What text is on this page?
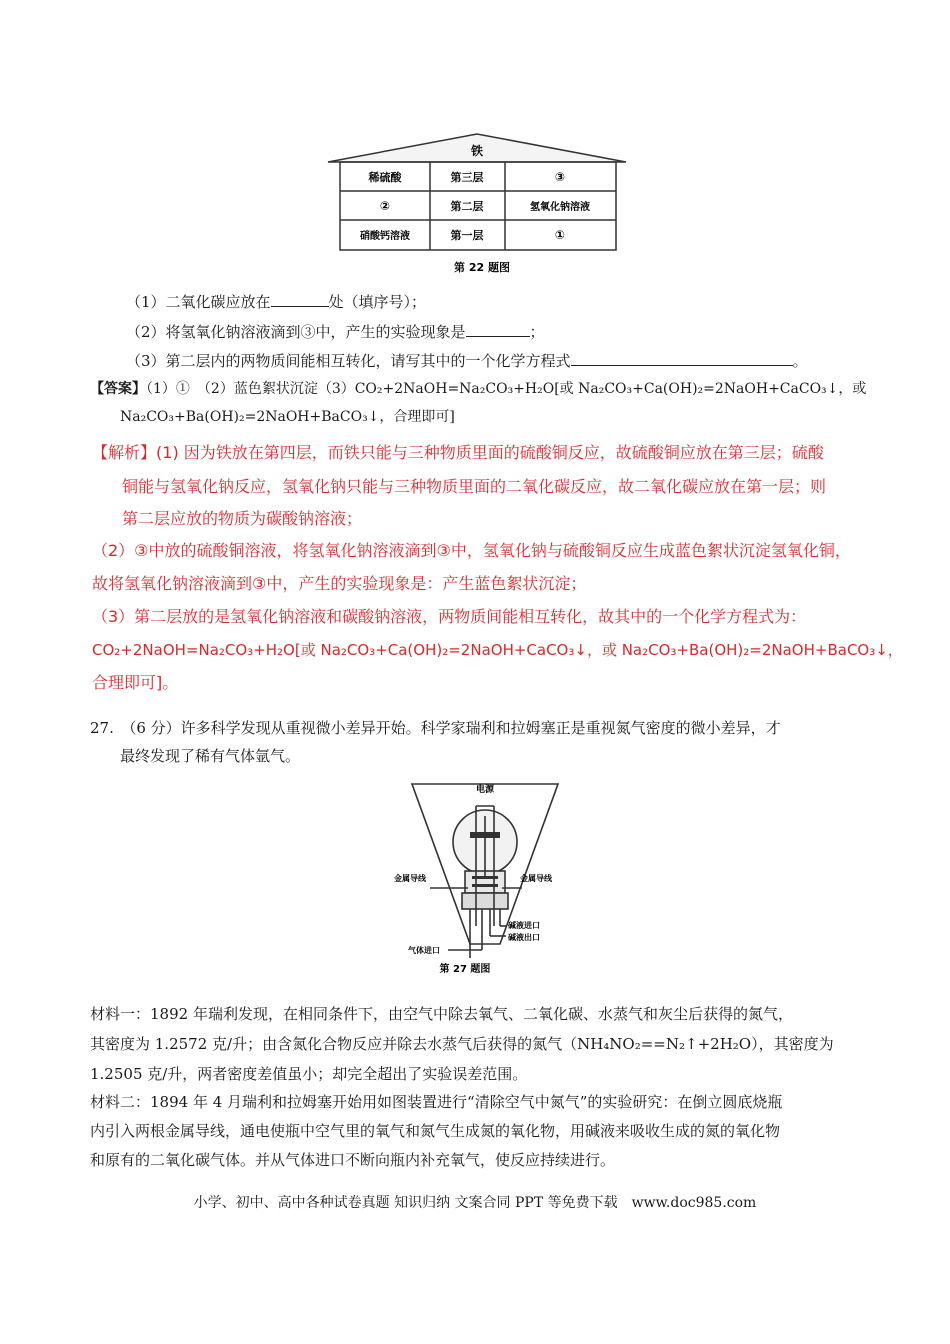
铁
稀硫酸	第三层	③
②	第二层	氢氧化钠溶液
硝酸钙溶液	第一层	①
第 22 题图
（1）二氧化碳应放在	处（填序号）；
（2）将氢氧化钠溶液滴到③中，产生的实验现象是	；
（3）第二层内的两物质间能相互转化，请写其中的一个化学方程式	。
【答案】（1）①　（2）蓝色絮状沉淀（3）CO₂+2NaOH=Na₂CO₃+H₂O[或 Na₂CO₃+Ca(OH)₂=2NaOH+CaCO₃↓，或
Na₂CO₃+Ba(OH)₂=2NaOH+BaCO₃↓，合理即可]
【解析】(1) 因为铁放在第四层，而铁只能与三种物质里面的硫酸铜反应，故硫酸铜应放在第三层；硫酸
铜能与氢氧化钠反应，氢氧化钠只能与三种物质里面的二氧化碳反应，故二氧化碳应放在第一层；则
第二层应放的物质为碳酸钠溶液；
（2）③中放的硫酸铜溶液，将氢氧化钠溶液滴到③中，氢氧化钠与硫酸铜反应生成蓝色絮状沉淀氢氧化铜，
故将氢氧化钠溶液滴到③中，产生的实验现象是：产生蓝色絮状沉淀；
（3）第二层放的是氢氧化钠溶液和碳酸钠溶液，两物质间能相互转化，故其中的一个化学方程式为：
CO₂+2NaOH=Na₂CO₃+H₂O[或 Na₂CO₃+Ca(OH)₂=2NaOH+CaCO₃↓，或 Na₂CO₃+Ba(OH)₂=2NaOH+BaCO₃↓，
合理即可]。
27.　（6 分）许多科学发现从重视微小差异开始。科学家瑞利和拉姆塞正是重视氮气密度的微小差异，才
最终发现了稀有气体氩气。
电源
金属导线	金属导线
碱液进口
碱液出口
气体进口
第 27 题图
材料一：1892 年瑞利发现，在相同条件下，由空气中除去氧气、二氧化碳、水蒸气和灰尘后获得的氮气，
其密度为 1.2572 克/升；由含氮化合物反应并除去水蒸气后获得的氮气（NH₄NO₂==N₂↑+2H₂O），其密度为
1.2505 克/升，两者密度差值虽小；却完全超出了实验误差范围。
材料二：1894 年 4 月瑞利和拉姆塞开始用如图装置进行“清除空气中氮气”的实验研究：在倒立圆底烧瓶
内引入两根金属导线，通电使瓶中空气里的氧气和氮气生成氮的氧化物，用碱液来吸收生成的氮的氧化物
和原有的二氧化碳气体。并从气体进口不断向瓶内补充氧气，使反应持续进行。
小学、初中、高中各种试卷真题 知识归纳 文案合同 PPT 等免费下载　www.doc985.com
